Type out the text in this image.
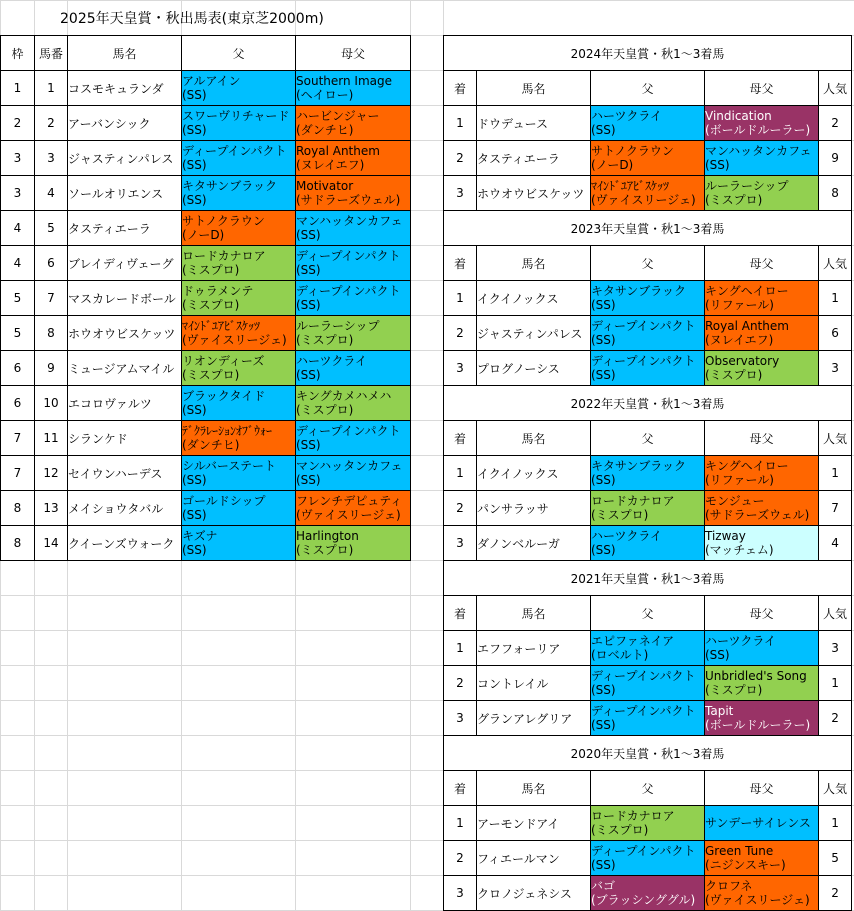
2025年天皇賞・秋出馬表(東京芝2000m)
枠	馬番	馬名	父	母父
1	1	コスモキュランダ	アルアイン
(SS)	Southern Image
(ヘイロー)

2	2	アーバンシック	スワーヴリチャード
(SS)	ハービンジャー
(ダンチヒ)

3	3	ジャスティンパレス	ディープインパクト
(SS)	Royal Anthem
(ヌレイエフ)

3	4	ソールオリエンス	キタサンブラック
(SS)	Motivator
(サドラーズウェル)

4	5	タスティエーラ	サトノクラウン
(ノーD)	マンハッタンカフェ
(SS)

4	6	ブレイディヴェーグ	ロードカナロア
(ミスプロ)	ディープインパクト
(SS)

5	7	マスカレードボール	ドゥラメンテ
(ミスプロ)	ディープインパクト
(SS)

5	8	ホウオウビスケッツ	ﾏｲﾝﾄﾞﾕｱﾋﾞｽｹｯﾂ
(ヴァイスリージェ)	ルーラーシップ
(ミスプロ)

6	9	ミュージアムマイル	リオンディーズ
(ミスプロ)	ハーツクライ
(SS)

6	10	エコロヴァルツ	ブラックタイド
(SS)	キングカメハメハ
(ミスプロ)

7	11	シランケド	ﾃﾞｸﾗﾚｰｼｮﾝｵﾌﾞｳｫｰ
(ダンチヒ)	ディープインパクト
(SS)

7	12	セイウンハーデス	シルバーステート
(SS)	マンハッタンカフェ
(SS)

8	13	メイショウタバル	ゴールドシップ
(SS)	フレンチデピュティ
(ヴァイスリージェ)

8	14	クイーンズウォーク	キズナ
(SS)	Harlington
(ミスプロ)
2024年天皇賞・秋1～3着馬				
着	馬名	父	母父	人気
1	ドウデュース	ハーツクライ
(SS)	Vindication
(ボールドルーラー)	2
2	タスティエーラ	サトノクラウン
(ノーD)	マンハッタンカフェ
(SS)	9
3	ホウオウビスケッツ	ﾏｲﾝﾄﾞﾕｱﾋﾞｽｹｯﾂ
(ヴァイスリージェ)	ルーラーシップ
(ミスプロ)	8
2023年天皇賞・秋1～3着馬				
着	馬名	父	母父	人気
1	イクイノックス	キタサンブラック
(SS)	キングヘイロー
(リファール)	1
2	ジャスティンパレス	ディープインパクト
(SS)	Royal Anthem
(ヌレイエフ)	6
3	プログノーシス	ディープインパクト
(SS)	Observatory
(ミスプロ)	3
2022年天皇賞・秋1～3着馬				
着	馬名	父	母父	人気
1	イクイノックス	キタサンブラック
(SS)	キングヘイロー
(リファール)	1
2	パンサラッサ	ロードカナロア
(ミスプロ)	モンジュー
(サドラーズウェル)	7
3	ダノンベルーガ	ハーツクライ
(SS)	Tizway
(マッチェム)	4
2021年天皇賞・秋1～3着馬				
着	馬名	父	母父	人気
1	エフフォーリア	エピファネイア
(ロベルト)	ハーツクライ
(SS)	3
2	コントレイル	ディープインパクト
(SS)	Unbridled's Song
(ミスプロ)	1
3	グランアレグリア	ディープインパクト
(SS)	Tapit
(ボールドルーラー)	2
2020年天皇賞・秋1～3着馬				
着	馬名	父	母父	人気
1	アーモンドアイ	ロードカナロア
(ミスプロ)	サンデーサイレンス	1
2	フィエールマン	ディープインパクト
(SS)	Green Tune
(ニジンスキー)	5
3	クロノジェネシス	バゴ
(ブラッシンググル)	クロフネ
(ヴァイスリージェ)	2
